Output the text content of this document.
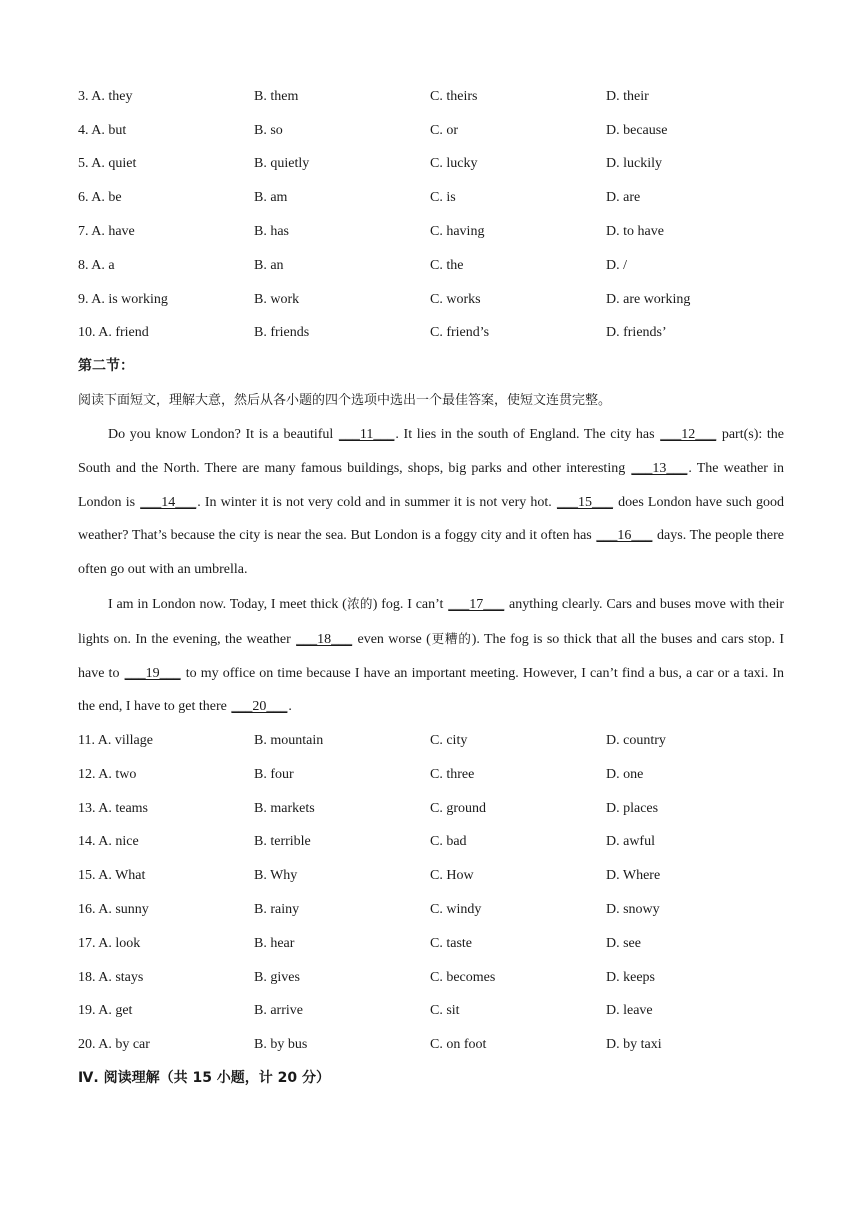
3. A. they	B. them	C. theirs	D. their
4. A. but	B. so	C. or	D. because
5. A. quiet	B. quietly	C. lucky	D. luckily
6. A. be	B. am	C. is	D. are
7. A. have	B. has	C. having	D. to have
8. A. a	B. an	C. the	D. /
9. A. is working	B. work	C. works	D. are working
10. A. friend	B. friends	C. friend’s	D. friends’
第二节：
阅读下面短文，理解大意，然后从各小题的四个选项中选出一个最佳答案，使短文连贯完整。

Do you know London? It is a beautiful ___11___. It lies in the south of England. The city has ___12___ part(s): the South and the North. There are many famous buildings, shops, big parks and other interesting ___13___. The weather in London is ___14___. In winter it is not very cold and in summer it is not very hot. ___15___ does London have such good weather? That’s because the city is near the sea. But London is a foggy city and it often has ___16___ days. The people there often go out with an umbrella.

I am in London now. Today, I meet thick (浓的) fog. I can’t ___17___ anything clearly. Cars and buses move with their lights on. In the evening, the weather ___18___ even worse (更糟的). The fog is so thick that all the buses and cars stop. I have to ___19___ to my office on time because I have an important meeting. However, I can’t find a bus, a car or a taxi. In the end, I have to get there ___20___.

11. A. village	B. mountain	C. city	D. country
12. A. two	B. four	C. three	D. one
13. A. teams	B. markets	C. ground	D. places
14. A. nice	B. terrible	C. bad	D. awful
15. A. What	B. Why	C. How	D. Where
16. A. sunny	B. rainy	C. windy	D. snowy
17. A. look	B. hear	C. taste	D. see
18. A. stays	B. gives	C. becomes	D. keeps
19. A. get	B. arrive	C. sit	D. leave
20. A. by car	B. by bus	C. on foot	D. by taxi
Ⅳ. 阅读理解（共 15 小题，计 20 分）
